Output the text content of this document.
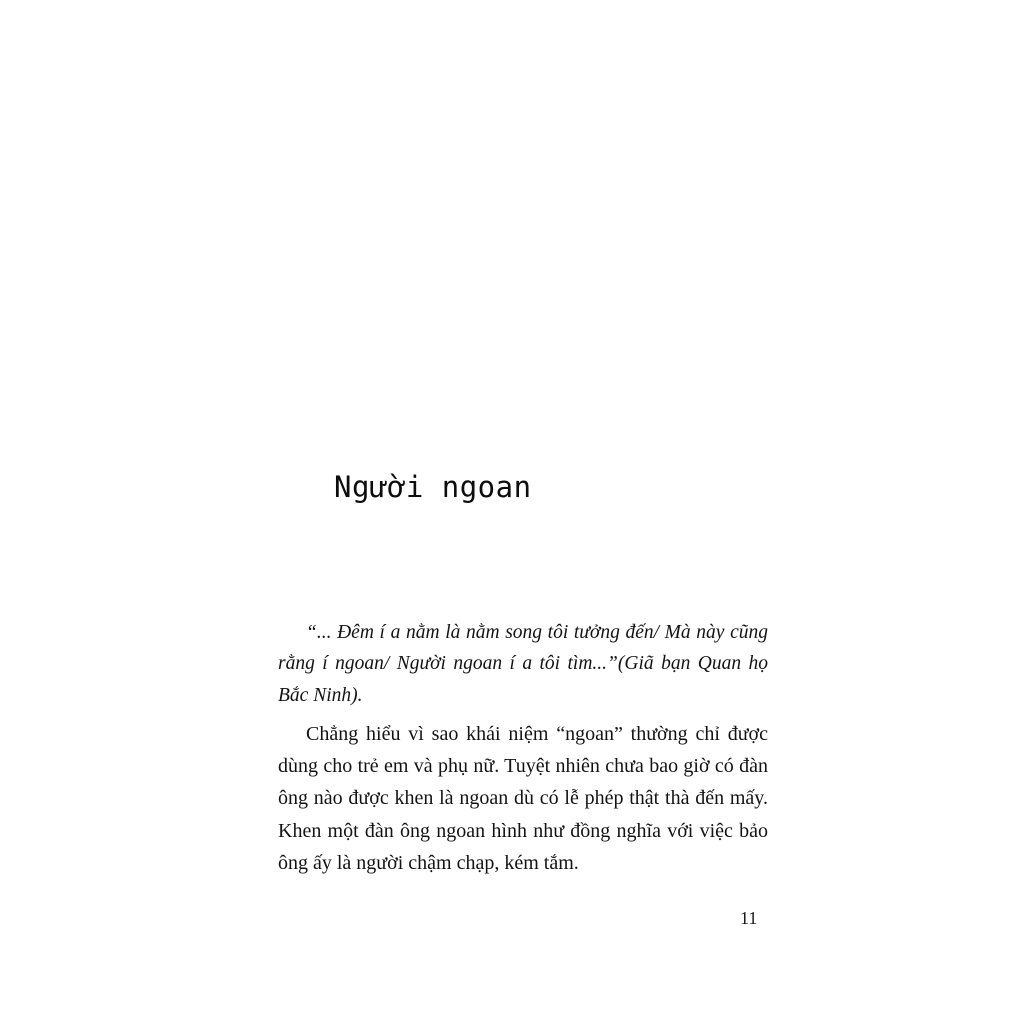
Người ngoan

“... Đêm í a nằm là nằm song tôi tưởng đến/ Mà này cũng rằng í ngoan/ Người ngoan í a tôi tìm...”(Giã bạn Quan họ Bắc Ninh).

Chẳng hiểu vì sao khái niệm “ngoan” thường chỉ được dùng cho trẻ em và phụ nữ. Tuyệt nhiên chưa bao giờ có đàn ông nào được khen là ngoan dù có lễ phép thật thà đến mấy. Khen một đàn ông ngoan hình như đồng nghĩa với việc bảo ông ấy là người chậm chạp, kém tắm.

11
